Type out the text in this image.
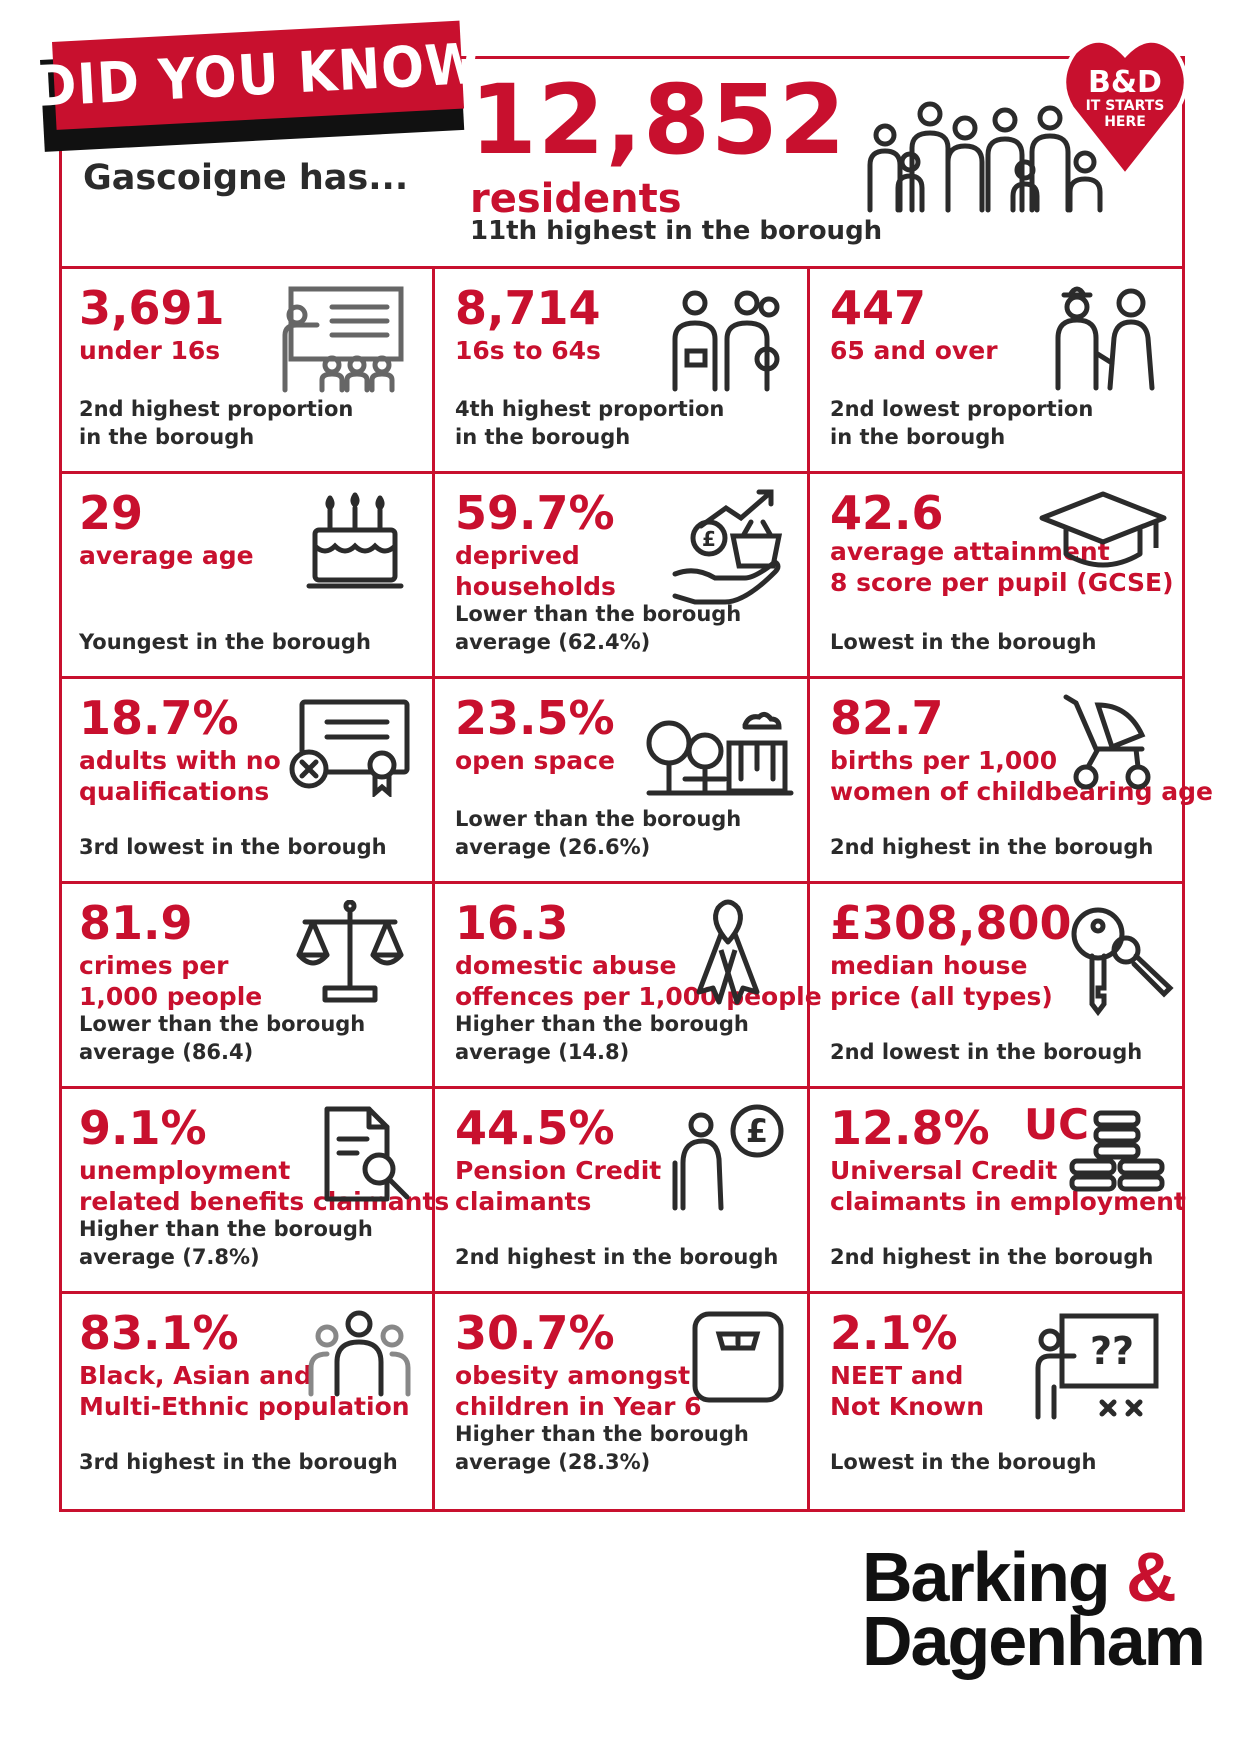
DID YOU KNOW
Gascoigne has...
12,852
residents
11th highest in the borough
B&D
IT STARTS
HERE
3,691
under 16s
2nd highest proportion
in the borough
8,714
16s to 64s
4th highest proportion
in the borough
447
65 and over
2nd lowest proportion
in the borough
29
average age
Youngest in the borough
59.7%
deprived
households
Lower than the borough
average (62.4%)
£ 42.6
average attainment
8 score per pupil (GCSE)
Lowest in the borough
18.7%
adults with no
qualifications
3rd lowest in the borough
23.5%
open space
Lower than the borough
average (26.6%)
82.7
births per 1,000
women of childbearing age
2nd highest in the borough
81.9
crimes per
1,000 people
Lower than the borough
average (86.4)
16.3
domestic abuse
offences per 1,000 people
Higher than the borough
average (14.8)
£308,800
median house
price (all types)
2nd lowest in the borough
9.1%
unemployment
related benefits claimants
Higher than the borough
average (7.8%)
44.5%
Pension Credit
claimants
2nd highest in the borough
£ 12.8%
Universal Credit
claimants in employment
2nd highest in the borough
UC
83.1%
Black, Asian and
Multi-Ethnic population
3rd highest in the borough
30.7%
obesity amongst
children in Year 6
Higher than the borough
average (28.3%)
2.1%
NEET and
Not Known
Lowest in the borough
??
Barking &
Dagenham
